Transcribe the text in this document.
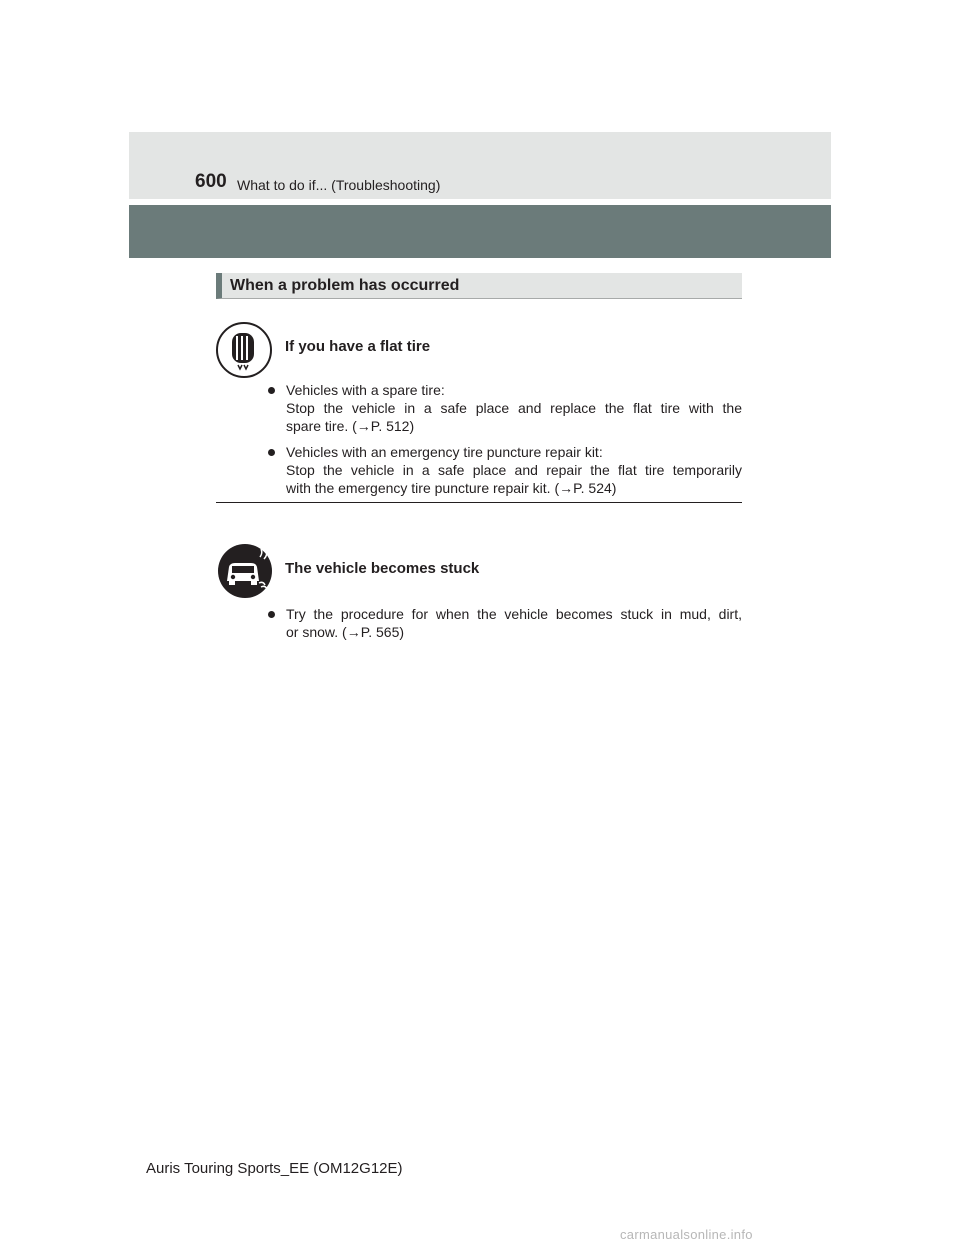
600 What to do if... (Troubleshooting)
When a problem has occurred
If you have a flat tire
Vehicles with a spare tire:
Stop the vehicle in a safe place and replace the flat tire with the
spare tire. (→P. 512)
Vehicles with an emergency tire puncture repair kit:
Stop the vehicle in a safe place and repair the flat tire temporarily
with the emergency tire puncture repair kit. (→P. 524)
The vehicle becomes stuck
Try the procedure for when the vehicle becomes stuck in mud, dirt,
or snow. (→P. 565)
Auris Touring Sports_EE (OM12G12E)
carmanualsonline.info
